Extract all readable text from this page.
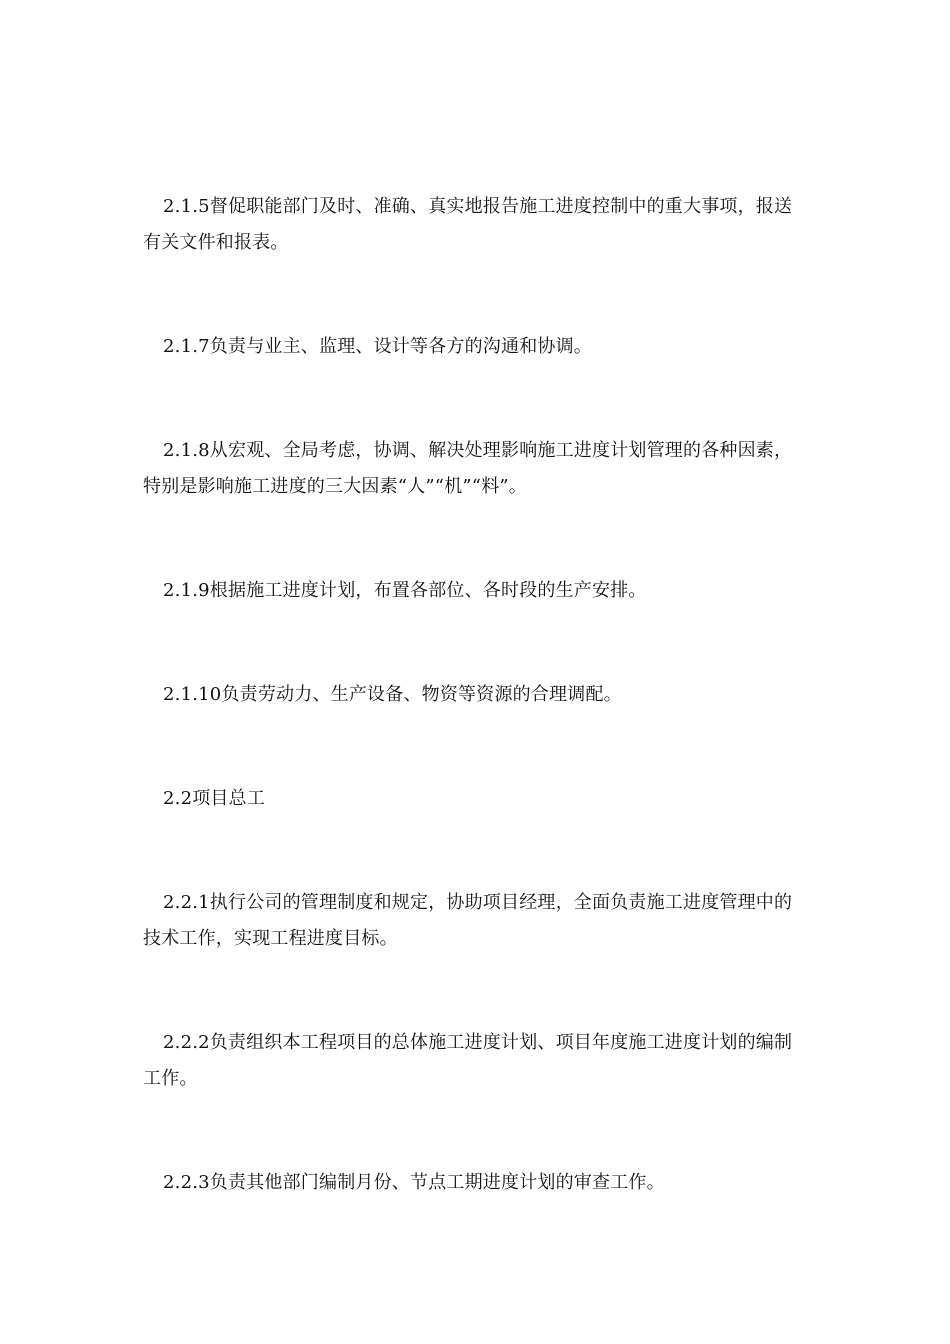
2.1.5督促职能部门及时、准确、真实地报告施工进度控制中的重大事项，报送有关文件和报表。

2.1.7负责与业主、监理、设计等各方的沟通和协调。

2.1.8从宏观、全局考虑，协调、解决处理影响施工进度计划管理的各种因素，特别是影响施工进度的三大因素“人”“机”“料”。

2.1.9根据施工进度计划，布置各部位、各时段的生产安排。

2.1.10负责劳动力、生产设备、物资等资源的合理调配。

2.2项目总工

2.2.1执行公司的管理制度和规定，协助项目经理，全面负责施工进度管理中的技术工作，实现工程进度目标。

2.2.2负责组织本工程项目的总体施工进度计划、项目年度施工进度计划的编制工作。

2.2.3负责其他部门编制月份、节点工期进度计划的审查工作。
